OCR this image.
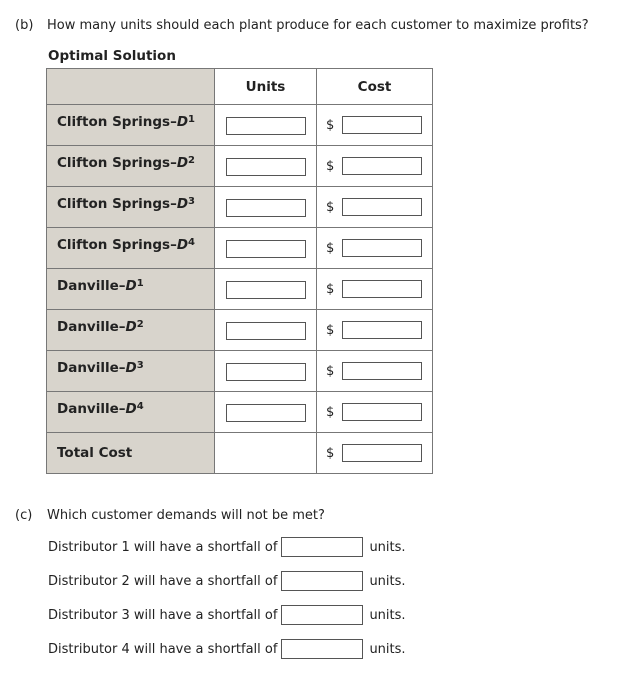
(b) How many units should each plant produce for each customer to maximize profits?
Optimal Solution
	Units	Cost

Clifton Springs – D 1		$

Clifton Springs – D 2		$

Clifton Springs – D 3		$

Clifton Springs – D 4		$

Danville – D 1		$

Danville – D 2		$

Danville – D 3		$

Danville – D 4		$

Total Cost		$
(c) Which customer demands will not be met?
Distributor 1 will have a shortfall of	units.
Distributor 2 will have a shortfall of	units.
Distributor 3 will have a shortfall of	units.
Distributor 4 will have a shortfall of	units.
